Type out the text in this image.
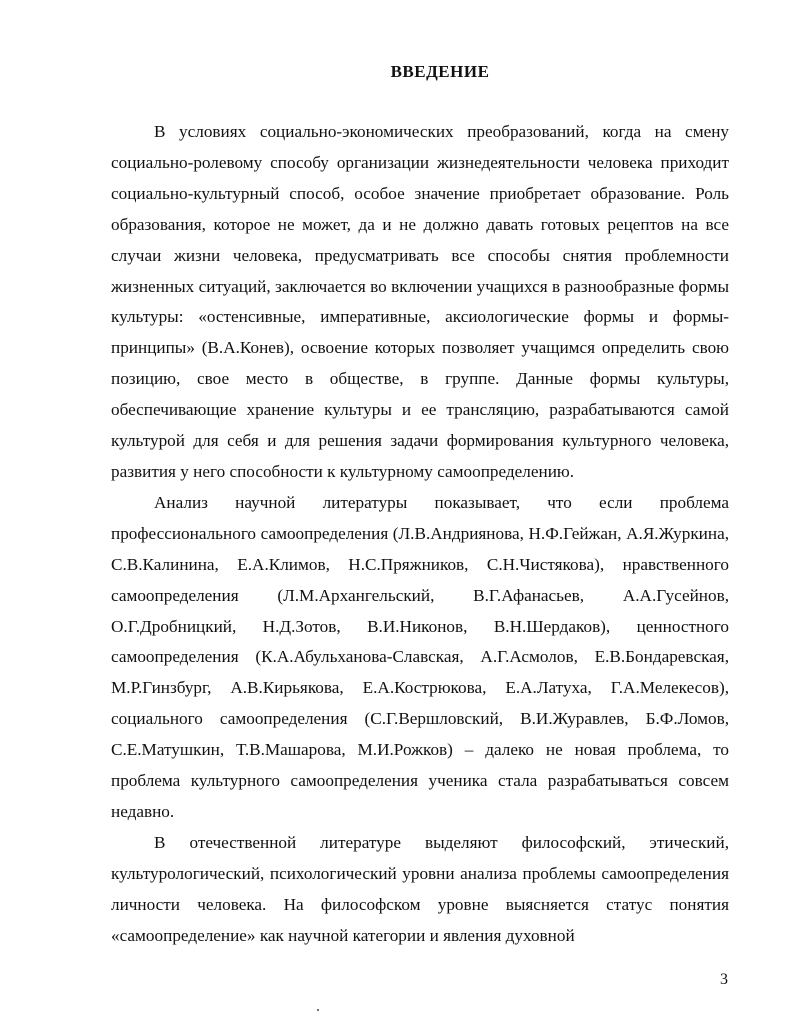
ВВЕДЕНИЕ

В условиях социально-экономических преобразований, когда на смену социально-ролевому способу организации жизнедеятельности человека приходит социально-культурный способ, особое значение приобретает образование. Роль образования, которое не может, да и не должно давать готовых рецептов на все случаи жизни человека, предусматривать все способы снятия проблемности жизненных ситуаций, заключается во включении учащихся в разнообразные формы культуры: «остенсивные, императивные, аксиологические формы и формы-принципы» (В.А.Конев), освоение которых позволяет учащимся определить свою позицию, свое место в обществе, в группе. Данные формы культуры, обеспечивающие хранение культуры и ее трансляцию, разрабатываются самой культурой для себя и для решения задачи формирования культурного человека, развития у него способности к культурному самоопределению.

Анализ научной литературы показывает, что если проблема профессионального самоопределения (Л.В.Андриянова, Н.Ф.Гейжан, А.Я.Журкина, С.В.Калинина, Е.А.Климов, Н.С.Пряжников, С.Н.Чистякова), нравственного самоопределения (Л.М.Архангельский, В.Г.Афанасьев, А.А.Гусейнов, О.Г.Дробницкий, Н.Д.Зотов, В.И.Никонов, В.Н.Шердаков), ценностного самоопределения (К.А.Абульханова-Славская, А.Г.Асмолов, Е.В.Бондаревская, М.Р.Гинзбург, А.В.Кирьякова, Е.А.Кострюкова, Е.А.Латуха, Г.А.Мелекесов), социального самоопределения (С.Г.Вершловский, В.И.Журавлев, Б.Ф.Ломов, С.Е.Матушкин, Т.В.Машарова, М.И.Рожков) – далеко не новая проблема, то проблема культурного самоопределения ученика стала разрабатываться совсем недавно.

В отечественной литературе выделяют философский, этический, культурологический, психологический уровни анализа проблемы самоопределения личности человека. На философском уровне выясняется статус понятия «самоопределение» как научной категории и явления духовной

3
